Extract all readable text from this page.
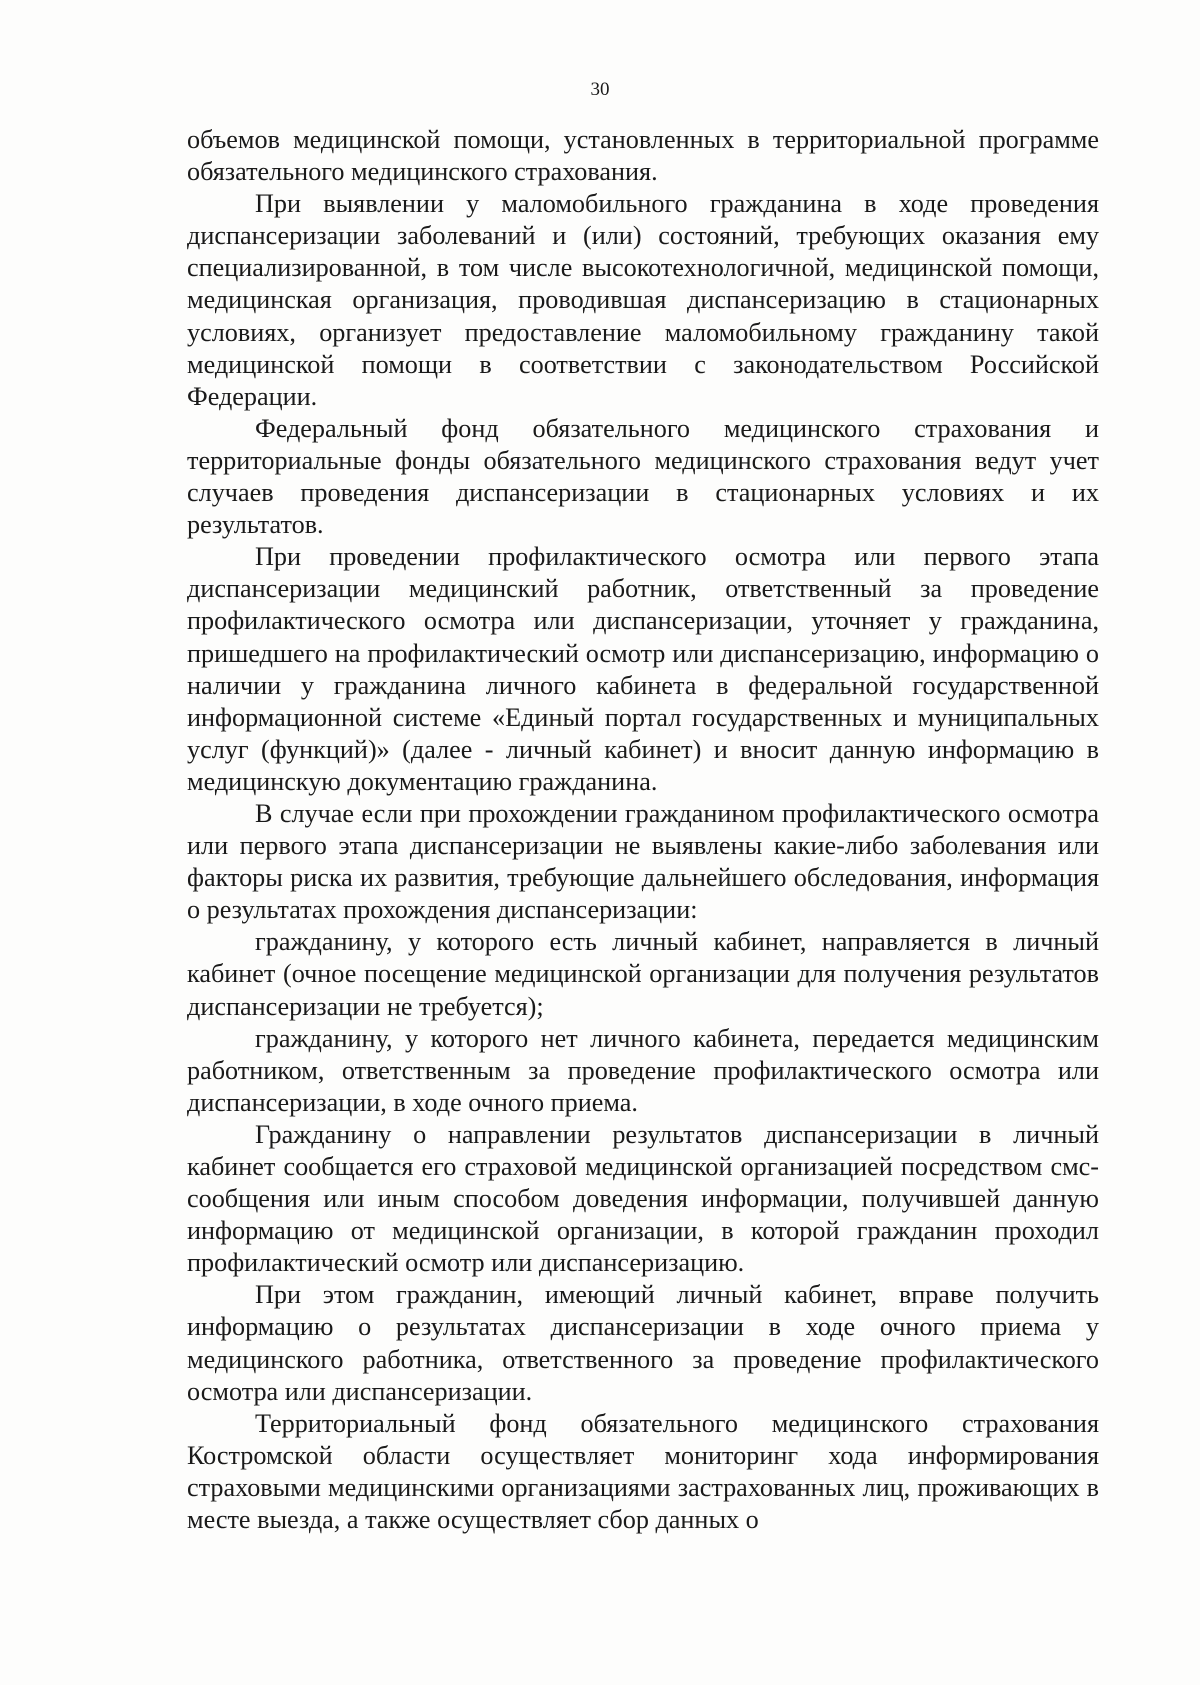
30

объемов медицинской помощи, установленных в территориальной программе обязательного медицинского страхования.

При выявлении у маломобильного гражданина в ходе проведения диспансеризации заболеваний и (или) состояний, требующих оказания ему специализированной, в том числе высокотехнологичной, медицинской помощи, медицинская организация, проводившая диспансеризацию в стационарных условиях, организует предоставление маломобильному гражданину такой медицинской помощи в соответствии с законодательством Российской Федерации.

Федеральный фонд обязательного медицинского страхования и территориальные фонды обязательного медицинского страхования ведут учет случаев проведения диспансеризации в стационарных условиях и их результатов.

При проведении профилактического осмотра или первого этапа диспансеризации медицинский работник, ответственный за проведение профилактического осмотра или диспансеризации, уточняет у гражданина, пришедшего на профилактический осмотр или диспансеризацию, информацию о наличии у гражданина личного кабинета в федеральной государственной информационной системе «Единый портал государственных и муниципальных услуг (функций)» (далее - личный кабинет) и вносит данную информацию в медицинскую документацию гражданина.

В случае если при прохождении гражданином профилактического осмотра или первого этапа диспансеризации не выявлены какие-либо заболевания или факторы риска их развития, требующие дальнейшего обследования, информация о результатах прохождения диспансеризации:

гражданину, у которого есть личный кабинет, направляется в личный кабинет (очное посещение медицинской организации для получения результатов диспансеризации не требуется);

гражданину, у которого нет личного кабинета, передается медицинским работником, ответственным за проведение профилактического осмотра или диспансеризации, в ходе очного приема.

Гражданину о направлении результатов диспансеризации в личный кабинет сообщается его страховой медицинской организацией посредством смс-сообщения или иным способом доведения информации, получившей данную информацию от медицинской организации, в которой гражданин проходил профилактический осмотр или диспансеризацию.

При этом гражданин, имеющий личный кабинет, вправе получить информацию о результатах диспансеризации в ходе очного приема у медицинского работника, ответственного за проведение профилактического осмотра или диспансеризации.

Территориальный фонд обязательного медицинского страхования Костромской области осуществляет мониторинг хода информирования страховыми медицинскими организациями застрахованных лиц, проживающих в месте выезда, а также осуществляет сбор данных о
